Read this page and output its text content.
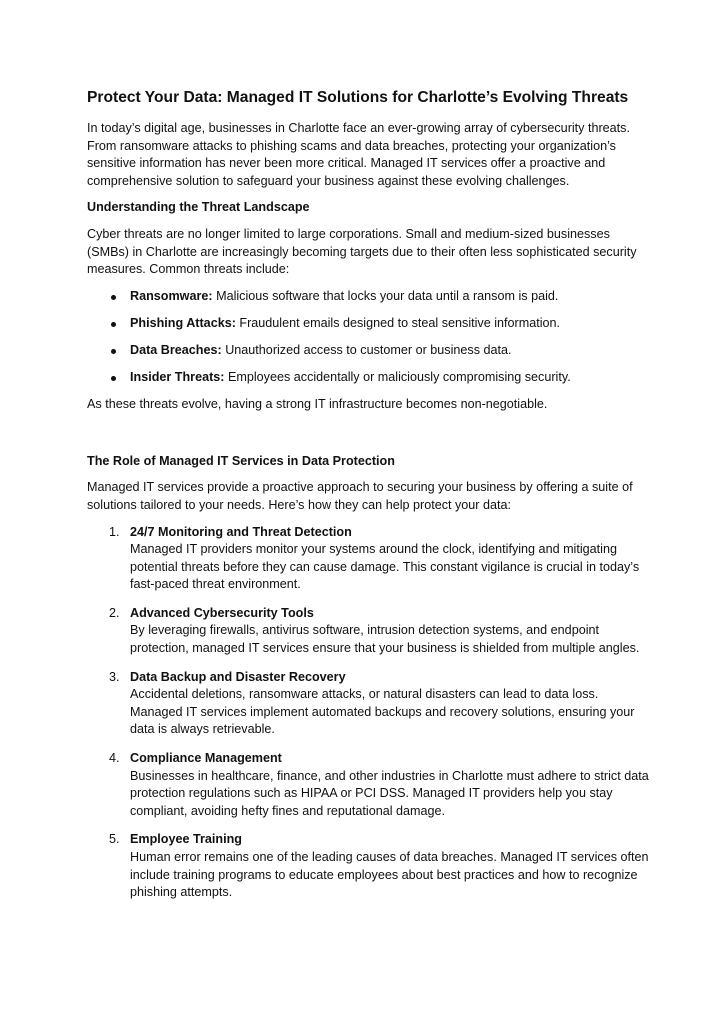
Protect Your Data: Managed IT Solutions for Charlotte’s Evolving Threats

In today’s digital age, businesses in Charlotte face an ever-growing array of cybersecurity threats. From ransomware attacks to phishing scams and data breaches, protecting your organization’s sensitive information has never been more critical. Managed IT services offer a proactive and comprehensive solution to safeguard your business against these evolving challenges.

Understanding the Threat Landscape

Cyber threats are no longer limited to large corporations. Small and medium-sized businesses (SMBs) in Charlotte are increasingly becoming targets due to their often less sophisticated security measures. Common threats include:

Ransomware: Malicious software that locks your data until a ransom is paid.
Phishing Attacks: Fraudulent emails designed to steal sensitive information.
Data Breaches: Unauthorized access to customer or business data.
Insider Threats: Employees accidentally or maliciously compromising security.

As these threats evolve, having a strong IT infrastructure becomes non-negotiable.

The Role of Managed IT Services in Data Protection

Managed IT services provide a proactive approach to securing your business by offering a suite of solutions tailored to your needs. Here’s how they can help protect your data:

1. 24/7 Monitoring and Threat Detection
Managed IT providers monitor your systems around the clock, identifying and mitigating potential threats before they can cause damage. This constant vigilance is crucial in today’s fast-paced threat environment.
2. Advanced Cybersecurity Tools
By leveraging firewalls, antivirus software, intrusion detection systems, and endpoint protection, managed IT services ensure that your business is shielded from multiple angles.
3. Data Backup and Disaster Recovery
Accidental deletions, ransomware attacks, or natural disasters can lead to data loss. Managed IT services implement automated backups and recovery solutions, ensuring your data is always retrievable.
4. Compliance Management
Businesses in healthcare, finance, and other industries in Charlotte must adhere to strict data protection regulations such as HIPAA or PCI DSS. Managed IT providers help you stay compliant, avoiding hefty fines and reputational damage.
5. Employee Training
Human error remains one of the leading causes of data breaches. Managed IT services often include training programs to educate employees about best practices and how to recognize phishing attempts.
